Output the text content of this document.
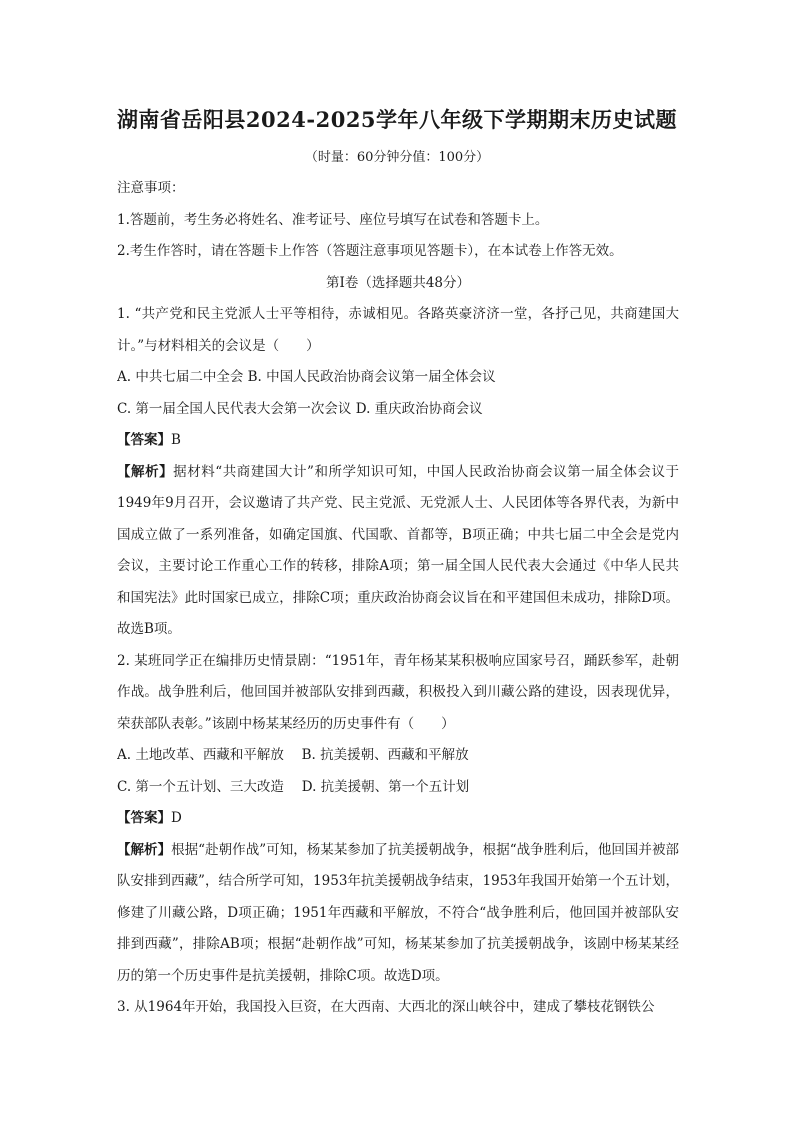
湖南省岳阳县2024-2025学年八年级下学期期末历史试题
（时量：60分钟分值：100分）

注意事项：

1.答题前，考生务必将姓名、准考证号、座位号填写在试卷和答题卡上。

2.考生作答时，请在答题卡上作答（答题注意事项见答题卡），在本试卷上作答无效。

第Ⅰ卷（选择题共48分）

1. “共产党和民主党派人士平等相待，赤诚相见。各路英豪济济一堂，各抒己见，共商建国大计。”与材料相关的会议是（　　）

A. 中共七届二中全会 B. 中国人民政治协商会议第一届全体会议

C. 第一届全国人民代表大会第一次会议 D. 重庆政治协商会议

【答案】B

【解析】据材料“共商建国大计”和所学知识可知，中国人民政治协商会议第一届全体会议于1949年9月召开，会议邀请了共产党、民主党派、无党派人士、人民团体等各界代表，为新中国成立做了一系列准备，如确定国旗、代国歌、首都等，B项正确；中共七届二中全会是党内会议，主要讨论工作重心工作的转移，排除A项；第一届全国人民代表大会通过《中华人民共和国宪法》此时国家已成立，排除C项；重庆政治协商会议旨在和平建国但未成功，排除D项。故选B项。

2. 某班同学正在编排历史情景剧：“1951年，青年杨某某积极响应国家号召，踊跃参军，赴朝作战。战争胜利后，他回国并被部队安排到西藏，积极投入到川藏公路的建设，因表现优异，荣获部队表彰。”该剧中杨某某经历的历史事件有（　　）

A. 土地改革、西藏和平解放　 B. 抗美援朝、西藏和平解放

C. 第一个五计划、三大改造　 D. 抗美援朝、第一个五计划

【答案】D

【解析】根据“赴朝作战”可知，杨某某参加了抗美援朝战争，根据“战争胜利后，他回国并被部队安排到西藏”，结合所学可知，1953年抗美援朝战争结束，1953年我国开始第一个五计划，修建了川藏公路，D项正确；1951年西藏和平解放，不符合“战争胜利后，他回国并被部队安排到西藏”，排除AB项；根据“赴朝作战”可知，杨某某参加了抗美援朝战争，该剧中杨某某经历的第一个历史事件是抗美援朝，排除C项。故选D项。

3. 从1964年开始，我国投入巨资，在大西南、大西北的深山峡谷中，建成了攀枝花钢铁公
